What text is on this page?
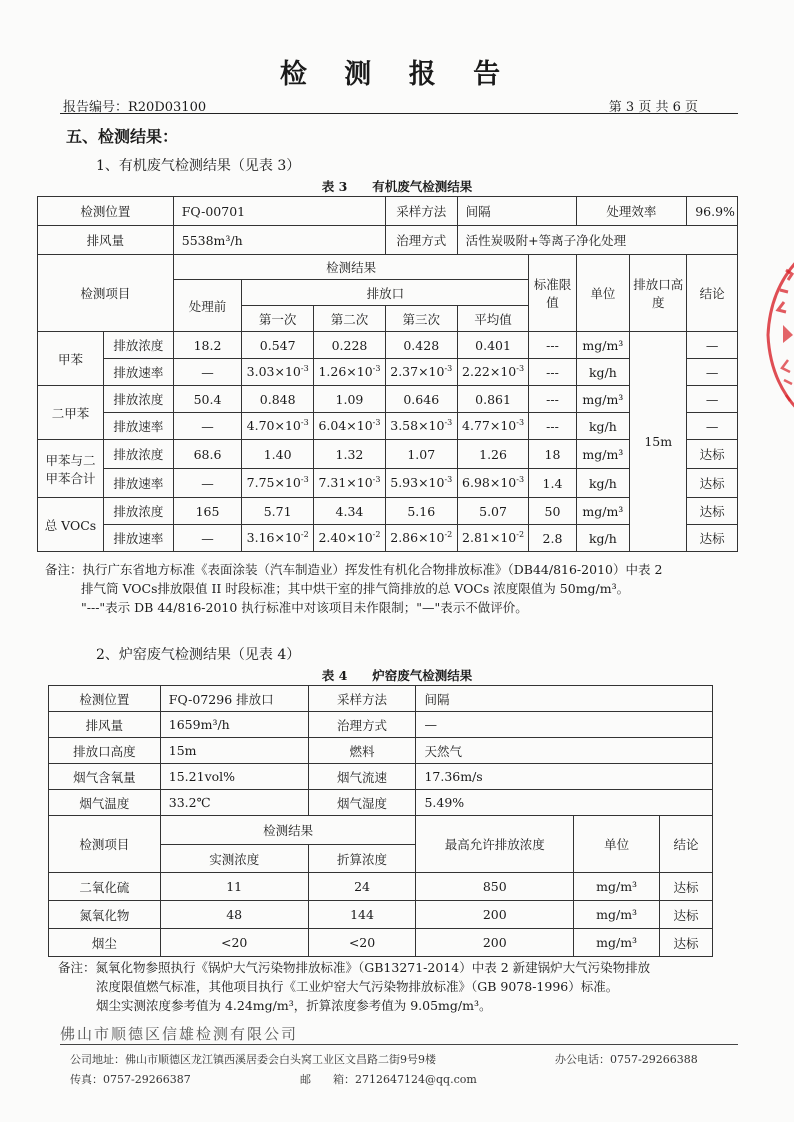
检 测 报 告
报告编号：R20D03100	第 3 页 共 6 页
五、检测结果：
1、有机废气检测结果（见表 3）
表 3　　有机废气检测结果
检测位置		FQ-00701			采样方法	间隔		处理效率		96.9%
排风量		5538m³/h			治理方式	活性炭吸附+等离子净化处理				
检测项目		检测结果					标准限值	单位	排放口高度	结论
		处理前	排放口							
			第一次	第二次	第三次	平均值				
甲苯	排放浓度	18.2	0.547	0.228	0.428	0.401	---	mg/m³	15m	—
	排放速率	—	$3.03\times 10^{-3}$	$1.26\times 10^{-3}$	$2.37\times 10^{-3}$	$2.22\times 10^{-3}$	---	kg/h		—
二甲苯	排放浓度	50.4	0.848	1.09	0.646	0.861	---	mg/m³		—
	排放速率	—	$4.70\times 10^{-3}$	$6.04\times 10^{-3}$	$3.58\times 10^{-3}$	$4.77\times 10^{-3}$	---	kg/h		—
甲苯与二甲苯合计	排放浓度	68.6	1.40	1.32	1.07	1.26	18	mg/m³		达标
	排放速率	—	$7.75\times 10^{-3}$	$7.31\times 10^{-3}$	$5.93\times 10^{-3}$	$6.98\times 10^{-3}$	1.4	kg/h		达标
总 VOCs	排放浓度	165	5.71	4.34	5.16	5.07	50	mg/m³		达标
	排放速率	—	$3.16\times 10^{-2}$	$2.40\times 10^{-2}$	$2.86\times 10^{-2}$	$2.81\times 10^{-2}$	2.8	kg/h		达标
备注：执行广东省地方标准《表面涂装（汽车制造业）挥发性有机化合物排放标准》（DB44/816-2010）中表 2
排气筒 VOCs排放限值 II 时段标准；其中烘干室的排气筒排放的总 VOCs 浓度限值为 50mg/m³。
"---"表示 DB 44/816-2010 执行标准中对该项目未作限制；"—"表示不做评价。
2、炉窑废气检测结果（见表 4）
表 4　　炉窑废气检测结果
检测位置	FQ-07296 排放口	采样方法	间隔		
排风量	1659m³/h	治理方式	—		
排放口高度	15m	燃料	天然气		
烟气含氧量	15.21vol%	烟气流速	17.36m/s		
烟气温度	33.2℃	烟气湿度	5.49%		
检测项目	检测结果		最高允许排放浓度	单位	结论
	实测浓度	折算浓度			
二氧化硫	11	24	850	mg/m³	达标
氮氧化物	48	144	200	mg/m³	达标
烟尘	<20	<20	200	mg/m³	达标
备注：氮氧化物参照执行《锅炉大气污染物排放标准》（GB13271-2014）中表 2 新建锅炉大气污染物排放
浓度限值燃气标准，其他项目执行《工业炉窑大气污染物排放标准》（GB 9078-1996）标准。
烟尘实测浓度参考值为 4.24mg/m³，折算浓度参考值为 9.05mg/m³。
佛山市顺德区信雄检测有限公司
公司地址：佛山市顺德区龙江镇西溪居委会白头窝工业区文昌路二街9号9楼	办公电话：0757-29266388
传真：0757-29266387	邮　　箱：2712647124@qq.com
